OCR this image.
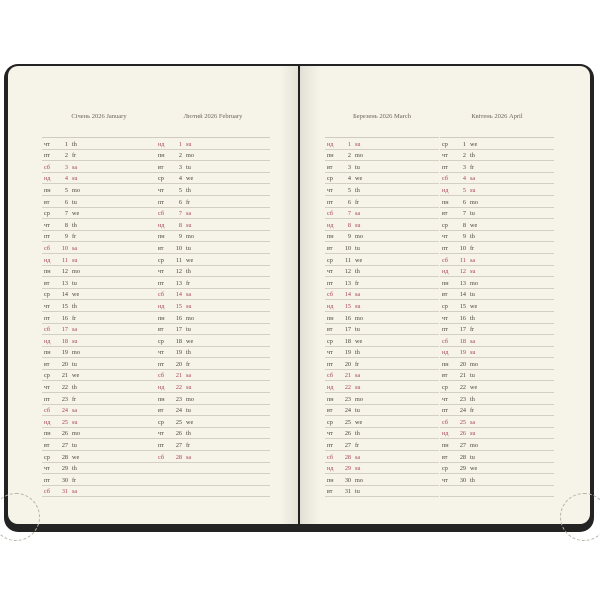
Січень 2026 January
чт	1 th
пт	2 fr
сб	3 sa
нд	4 su
пн	5 mo
вт	6 tu
ср	7 we
чт	8 th
пт	9 fr
сб	10 sa
нд	11 su
пн	12 mo
вт	13 tu
ср	14 we
чт	15 th
пт	16 fr
сб	17 sa
нд	18 su
пн	19 mo
вт	20 tu
ср	21 we
чт	22 th
пт	23 fr
сб	24 sa
нд	25 su
пн	26 mo
вт	27 tu
ср	28 we
чт	29 th
пт	30 fr
сб	31 sa
Лютий 2026 February
нд	1 su
пн	2 mo
вт	3 tu
ср	4 we
чт	5 th
пт	6 fr
сб	7 sa
нд	8 su
пн	9 mo
вт	10 tu
ср	11 we
чт	12 th
пт	13 fr
сб	14 sa
нд	15 su
пн	16 mo
вт	17 tu
ср	18 we
чт	19 th
пт	20 fr
сб	21 sa
нд	22 su
пн	23 mo
вт	24 tu
ср	25 we
чт	26 th
пт	27 fr
сб	28 sa
Березень 2026 March
нд	1 su
пн	2 mo
вт	3 tu
ср	4 we
чт	5 th
пт	6 fr
сб	7 sa
нд	8 su
пн	9 mo
вт	10 tu
ср	11 we
чт	12 th
пт	13 fr
сб	14 sa
нд	15 su
пн	16 mo
вт	17 tu
ср	18 we
чт	19 th
пт	20 fr
сб	21 sa
нд	22 su
пн	23 mo
вт	24 tu
ср	25 we
чт	26 th
пт	27 fr
сб	28 sa
нд	29 su
пн	30 mo
вт	31 tu
Квітень 2026 April
ср	1 we
чт	2 th
пт	3 fr
сб	4 sa
нд	5 su
пн	6 mo
вт	7 tu
ср	8 we
чт	9 th
пт	10 fr
сб	11 sa
нд	12 su
пн	13 mo
вт	14 tu
ср	15 we
чт	16 th
пт	17 fr
сб	18 sa
нд	19 su
пн	20 mo
вт	21 tu
ср	22 we
чт	23 th
пт	24 fr
сб	25 sa
нд	26 su
пн	27 mo
вт	28 tu
ср	29 we
чт	30 th
